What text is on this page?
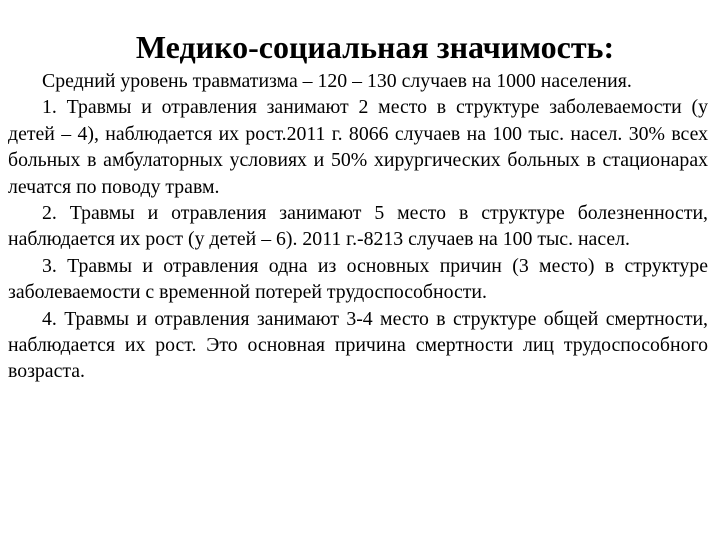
Медико-социальная значимость:

Средний уровень травматизма – 120 – 130 случаев на 1000 населения.

1. Травмы и отравления занимают 2 место в структуре заболеваемости (у детей – 4), наблюдается их рост.2011 г. 8066 случаев на 100 тыс. насел. 30% всех больных в амбулаторных условиях и 50% хирургических больных в стационарах лечатся по поводу травм.

2. Травмы и отравления занимают 5 место в структуре болезненности, наблюдается их рост (у детей – 6). 2011 г.-8213 случаев на 100 тыс. насел.

3. Травмы и отравления одна из основных причин (3 место) в структуре заболеваемости с временной потерей трудоспособности.

4. Травмы и отравления занимают 3-4 место в структуре общей смертности, наблюдается их рост. Это основная причина смертности лиц трудоспособного возраста.
